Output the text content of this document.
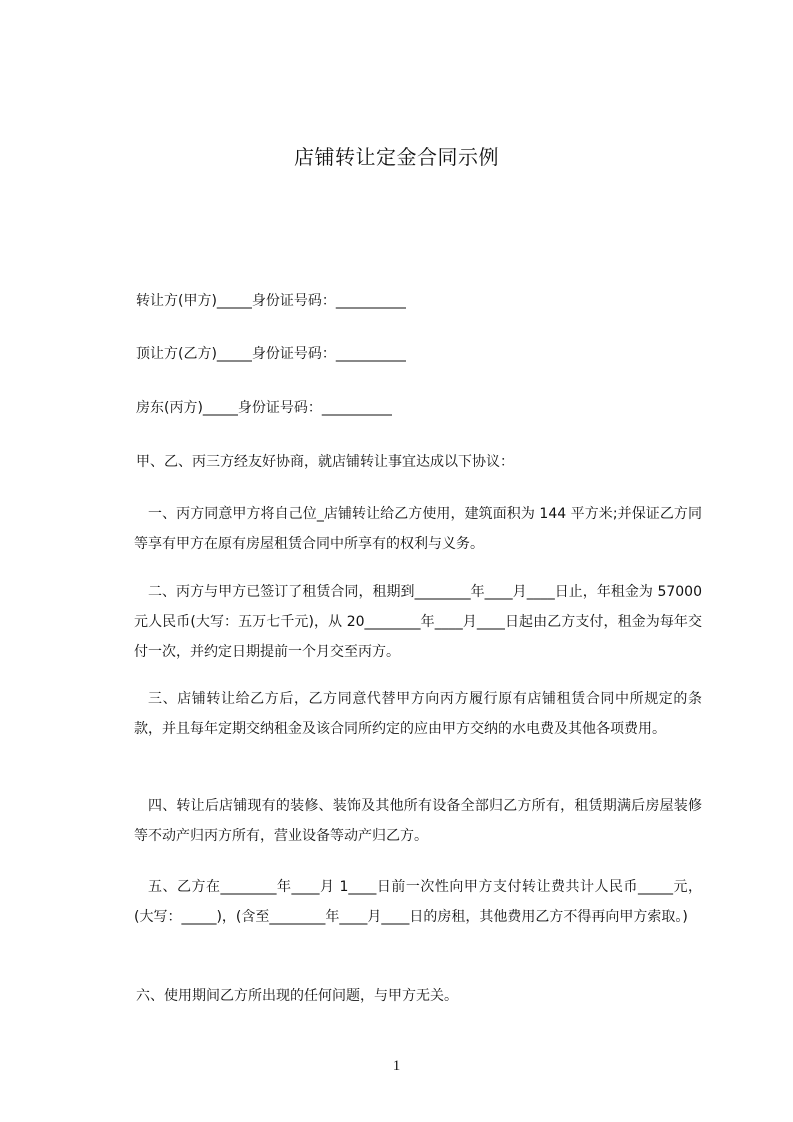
店铺转让定金合同示例
转让方(甲方)_____身份证号码：__________
顶让方(乙方)_____身份证号码：__________
房东(丙方)_____身份证号码：__________
甲、乙、丙三方经友好协商，就店铺转让事宜达成以下协议：

一、丙方同意甲方将自己位_店铺转让给乙方使用，建筑面积为 144 平方米;并保证乙方同等享有甲方在原有房屋租赁合同中所享有的权利与义务。

二、丙方与甲方已签订了租赁合同，租期到________年____月____日止，年租金为 57000 元人民币(大写：五万七千元)，从 20________年____月____日起由乙方支付，租金为每年交付一次，并约定日期提前一个月交至丙方。

三、店铺转让给乙方后，乙方同意代替甲方向丙方履行原有店铺租赁合同中所规定的条款，并且每年定期交纳租金及该合同所约定的应由甲方交纳的水电费及其他各项费用。

四、转让后店铺现有的装修、装饰及其他所有设备全部归乙方所有，租赁期满后房屋装修等不动产归丙方所有，营业设备等动产归乙方。

五、乙方在________年____月 1____日前一次性向甲方支付转让费共计人民币_____元，(大写：_____)，(含至________年____月____日的房租，其他费用乙方不得再向甲方索取。)

六、使用期间乙方所出现的任何问题，与甲方无关。
1
